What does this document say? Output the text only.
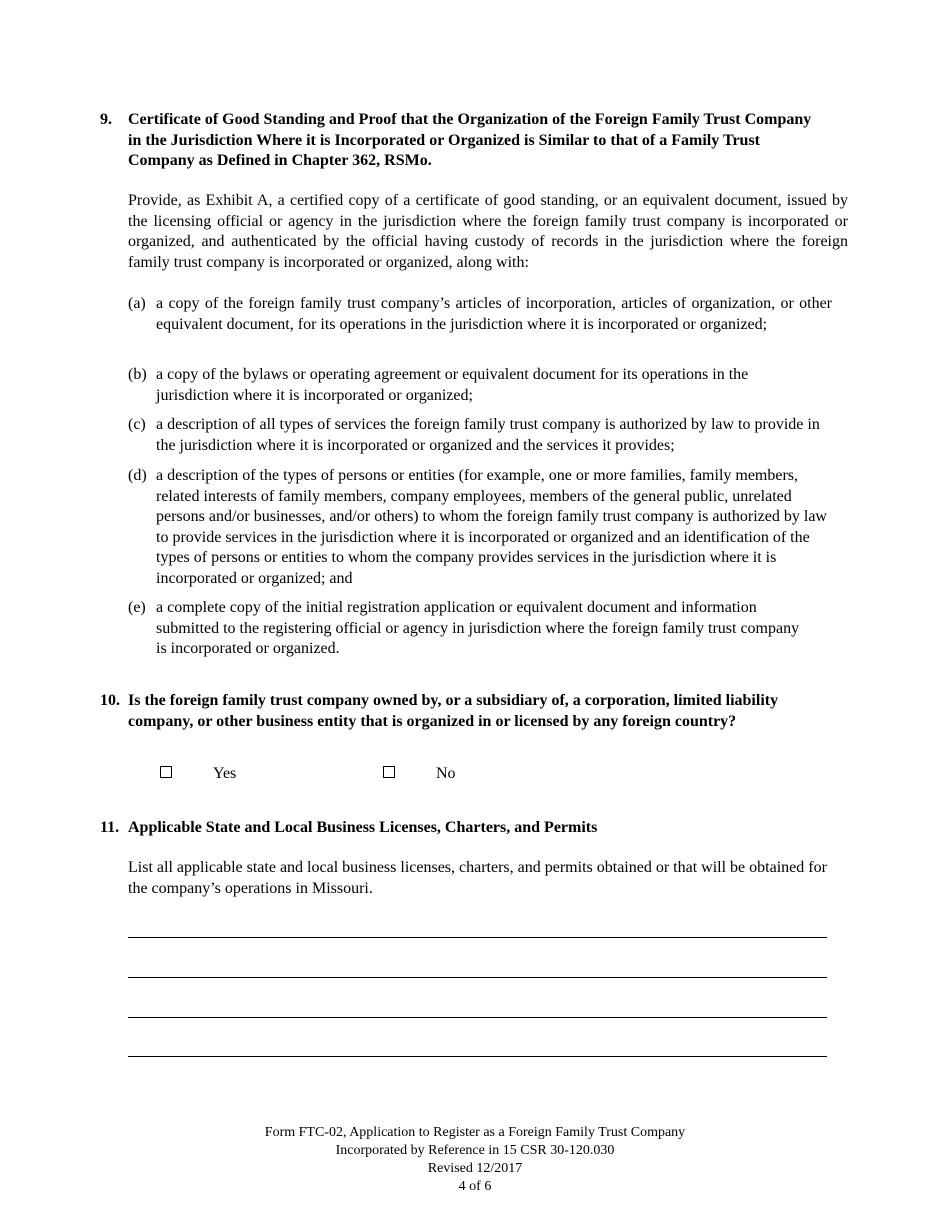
9. Certificate of Good Standing and Proof that the Organization of the Foreign Family Trust Company in the Jurisdiction Where it is Incorporated or Organized is Similar to that of a Family Trust Company as Defined in Chapter 362, RSMo.

Provide, as Exhibit A, a certified copy of a certificate of good standing, or an equivalent document, issued by the licensing official or agency in the jurisdiction where the foreign family trust company is incorporated or organized, and authenticated by the official having custody of records in the jurisdiction where the foreign family trust company is incorporated or organized, along with:

(a) a copy of the foreign family trust company’s articles of incorporation, articles of organization, or other equivalent document, for its operations in the jurisdiction where it is incorporated or organized;

(b) a copy of the bylaws or operating agreement or equivalent document for its operations in the jurisdiction where it is incorporated or organized;

(c) a description of all types of services the foreign family trust company is authorized by law to provide in the jurisdiction where it is incorporated or organized and the services it provides;

(d) a description of the types of persons or entities (for example, one or more families, family members, related interests of family members, company employees, members of the general public, unrelated persons and/or businesses, and/or others) to whom the foreign family trust company is authorized by law to provide services in the jurisdiction where it is incorporated or organized and an identification of the types of persons or entities to whom the company provides services in the jurisdiction where it is incorporated or organized; and

(e) a complete copy of the initial registration application or equivalent document and information submitted to the registering official or agency in jurisdiction where the foreign family trust company is incorporated or organized.

10. Is the foreign family trust company owned by, or a subsidiary of, a corporation, limited liability company, or other business entity that is organized in or licensed by any foreign country?

Yes	No
11. Applicable State and Local Business Licenses, Charters, and Permits

List all applicable state and local business licenses, charters, and permits obtained or that will be obtained for the company’s operations in Missouri.

Form FTC-02, Application to Register as a Foreign Family Trust Company
Incorporated by Reference in 15 CSR 30-120.030
Revised 12/2017
4 of 6
